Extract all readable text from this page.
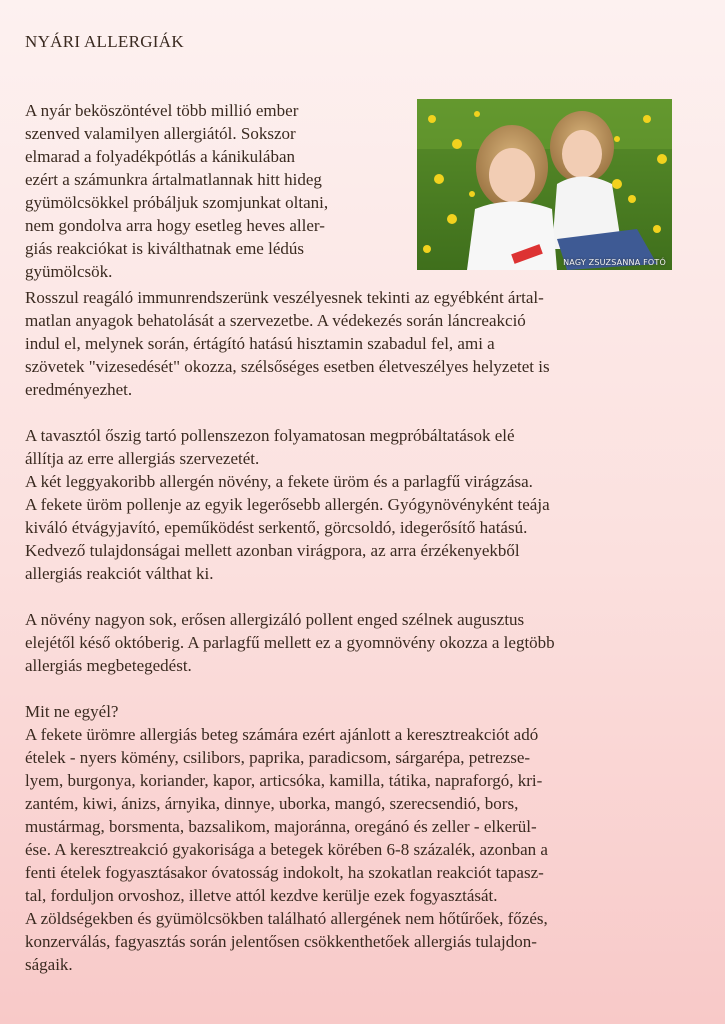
NYÁRI ALLERGIÁK
A nyár beköszöntével több millió ember
szenved valamilyen allergiától. Sokszor
elmarad a folyadékpótlás a kánikulában
ezért a számunkra ártalmatlannak hitt hideg
gyümölcsökkel próbáljuk szomjunkat oltani,
nem gondolva arra hogy esetleg heves aller-
giás reakciókat is kiválthatnak eme lédús
gyümölcsök.	NAGY ZSUZSANNA FOTÓ
Rosszul reagáló immunrendszerünk veszélyesnek tekinti az egyébként ártal-
matlan anyagok behatolását a szervezetbe. A védekezés során láncreakció
indul el, melynek során, értágító hatású hisztamin szabadul fel, ami a
szövetek "vizesedését" okozza, szélsőséges esetben életveszélyes helyzetet is
eredményezhet.
A tavasztól őszig tartó pollenszezon folyamatosan megpróbáltatások elé
állítja az erre allergiás szervezetét.
A két leggyakoribb allergén növény, a fekete üröm és a parlagfű virágzása.
A fekete üröm pollenje az egyik legerősebb allergén. Gyógynövényként teája
kiváló étvágyjavító, epeműködést serkentő, görcsoldó, idegerősítő hatású.
Kedvező tulajdonságai mellett azonban virágpora, az arra érzékenyekből
allergiás reakciót válthat ki.
A növény nagyon sok, erősen allergizáló pollent enged szélnek augusztus
elejétől késő októberig. A parlagfű mellett ez a gyomnövény okozza a legtöbb
allergiás megbetegedést.
Mit ne egyél?
A fekete ürömre allergiás beteg számára ezért ajánlott a keresztreakciót adó
ételek - nyers kömény, csilibors, paprika, paradicsom, sárgarépa, petrezse-
lyem, burgonya, koriander, kapor, articsóka, kamilla, tátika, napraforgó, kri-
zantém, kiwi, ánizs, árnyika, dinnye, uborka, mangó, szerecsendió, bors,
mustármag, borsmenta, bazsalikom, majoránna, oregánó és zeller - elkerül-
ése. A keresztreakció gyakorisága a betegek körében 6-8 százalék, azonban a
fenti ételek fogyasztásakor óvatosság indokolt, ha szokatlan reakciót tapasz-
tal, forduljon orvoshoz, illetve attól kezdve kerülje ezek fogyasztását.
A zöldségekben és gyümölcsökben található allergének nem hőtűrőek, főzés,
konzerválás, fagyasztás során jelentősen csökkenthetőek allergiás tulajdon-
ságaik.
